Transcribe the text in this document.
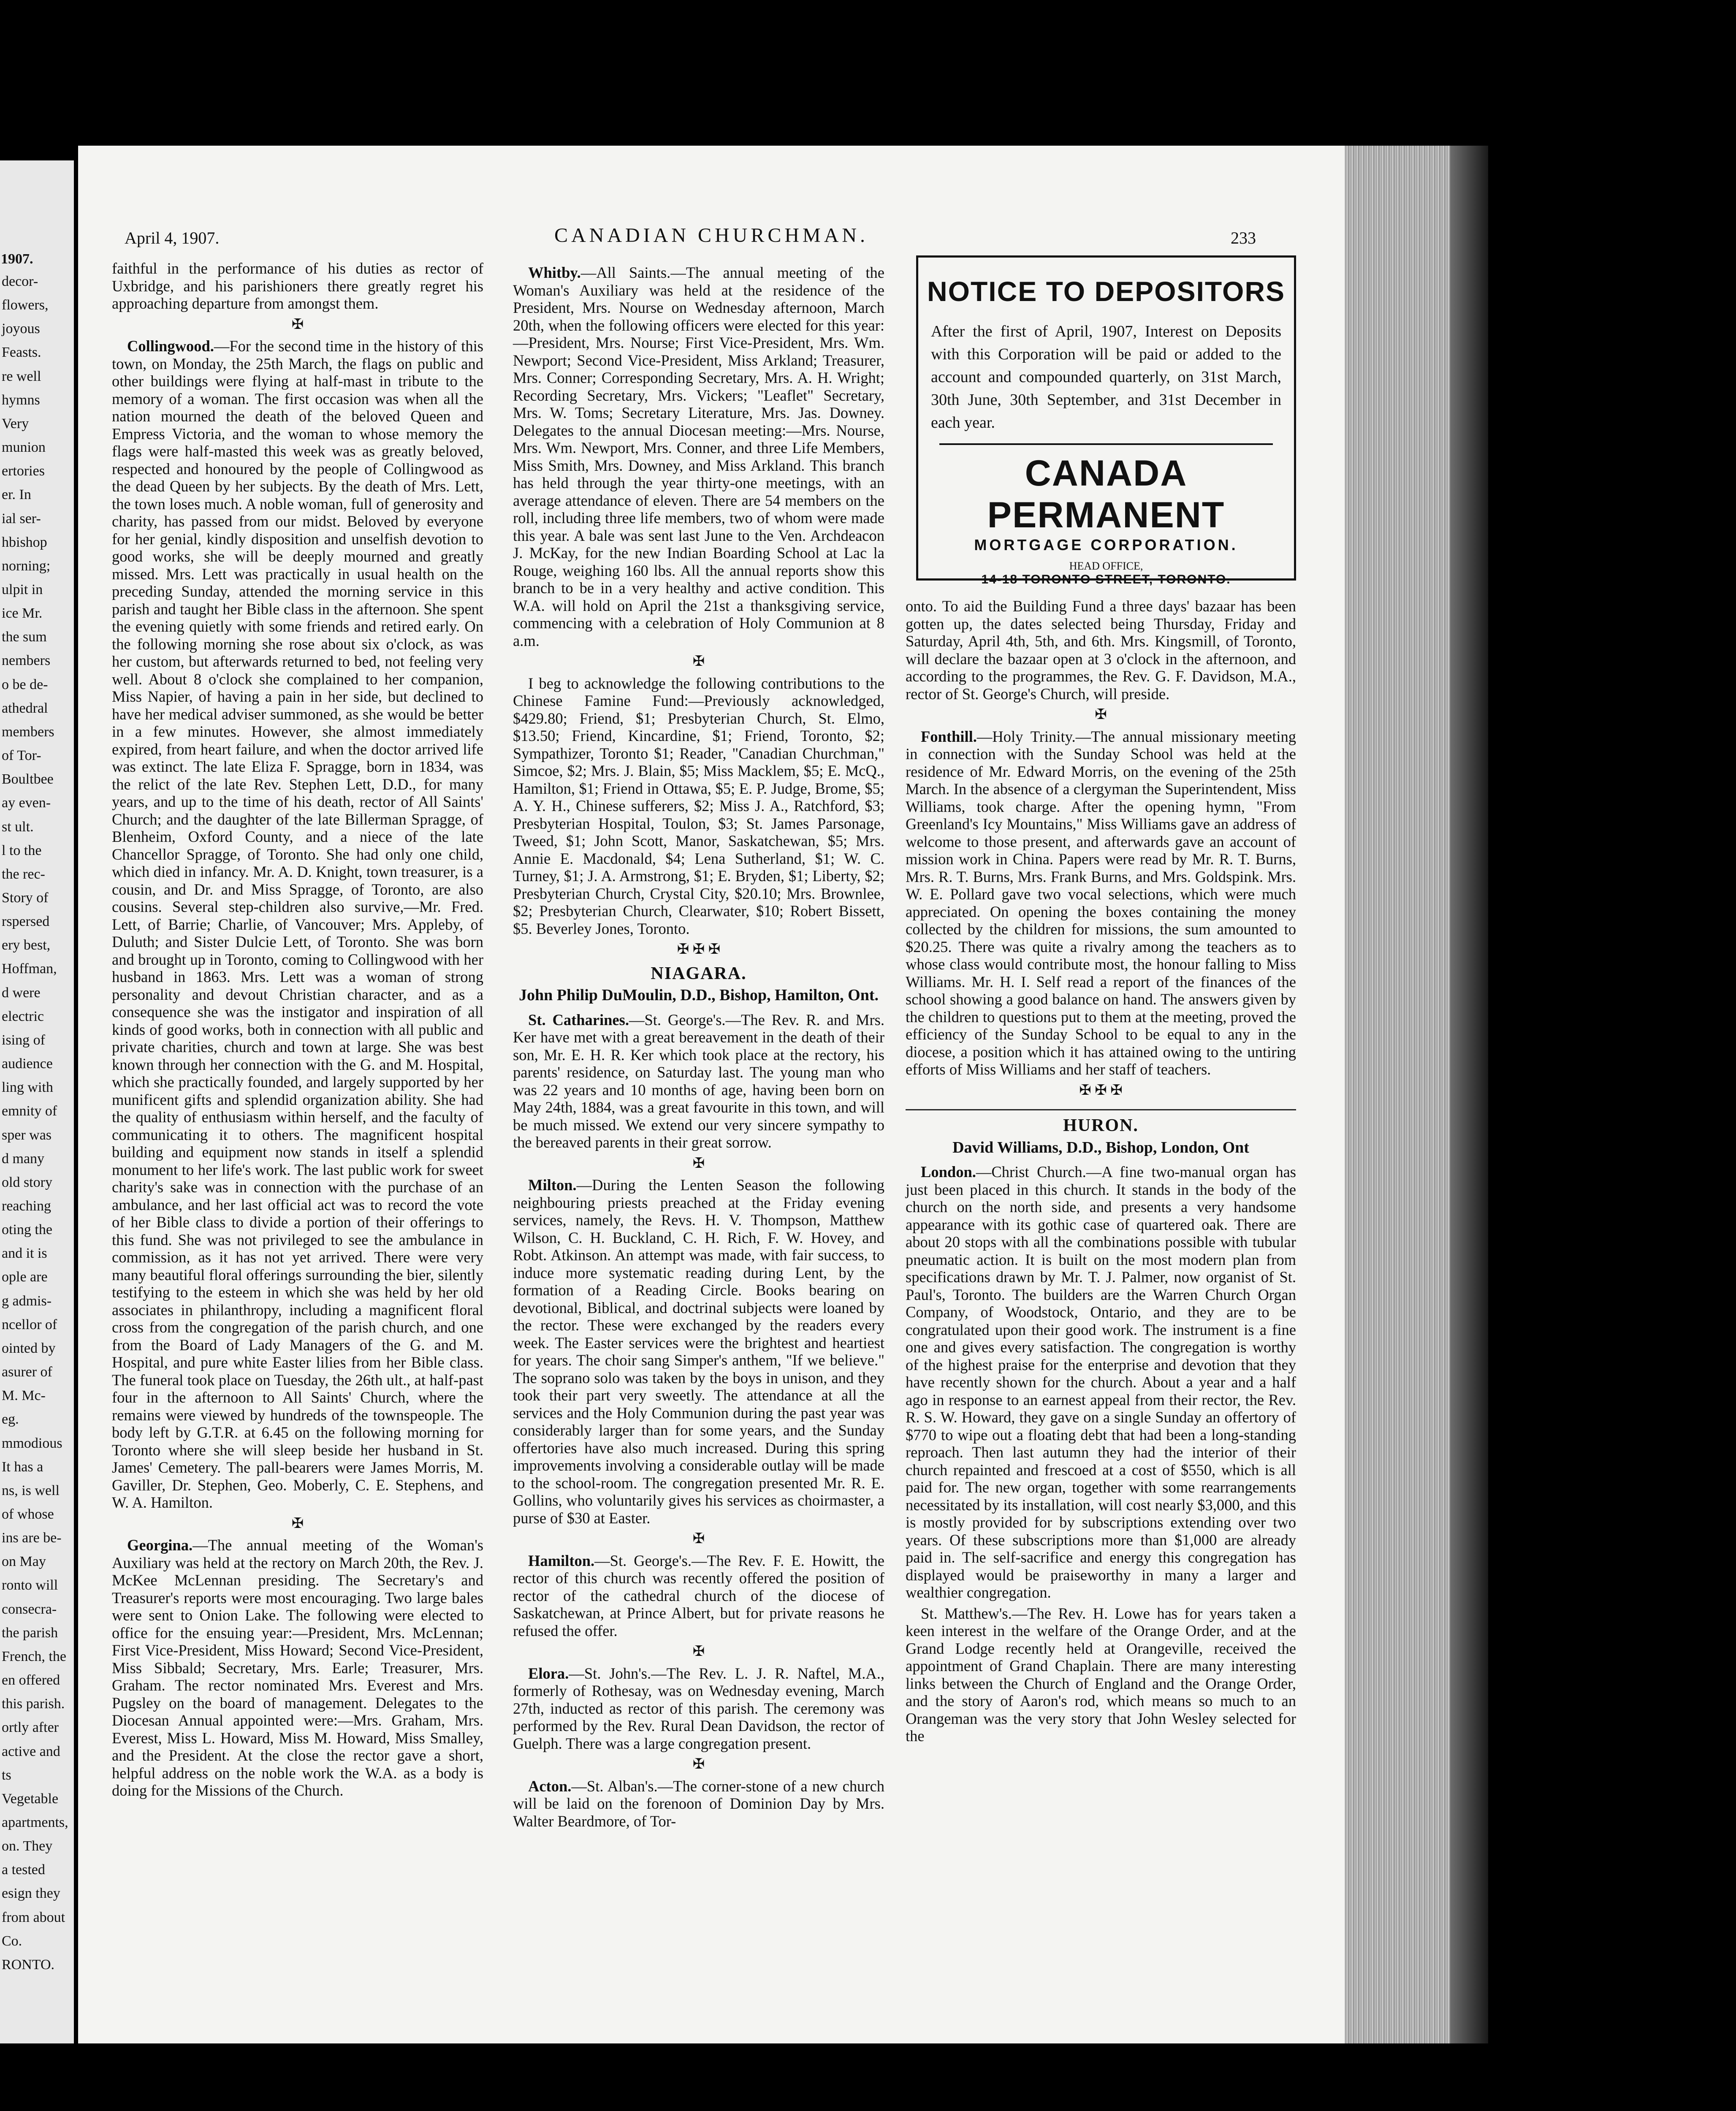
1907.
decor-
flowers,
joyous
Feasts.
re well
hymns
Very
munion
ertories
er. In
ial ser-
hbishop
norning;
ulpit in
ice Mr.
the sum
nembers
o be de-
athedral
members
of Tor-
Boultbee
ay even-
st ult.
l to the
the rec-
Story of
rspersed
ery best,
Hoffman,
d were
electric
ising of
audience
ling with
emnity of
sper was
d many
old story
reaching
oting the
and it is
ople are
g admis-
ncellor of
ointed by
asurer of
M. Mc-
eg.
mmodious
It has a
ns, is well
of whose
ins are be-
on May
ronto will
consecra-
the parish
French, the
en offered
this parish.
ortly after
active and
ts
Vegetable
apartments,
on. They
a tested
esign they
from about
Co.
RONTO.
April 4, 1907.	CANADIAN CHURCHMAN.	233

faithful in the performance of his duties as rector of Uxbridge, and his parishioners there greatly regret his approaching departure from amongst them.

✠

Collingwood.—For the second time in the history of this town, on Monday, the 25th March, the flags on public and other buildings were flying at half-mast in tribute to the memory of a woman. The first occasion was when all the nation mourned the death of the beloved Queen and Empress Victoria, and the woman to whose memory the flags were half-masted this week was as greatly beloved, respected and honoured by the people of Collingwood as the dead Queen by her subjects. By the death of Mrs. Lett, the town loses much. A noble woman, full of generosity and charity, has passed from our midst. Beloved by everyone for her genial, kindly disposition and unselfish devotion to good works, she will be deeply mourned and greatly missed. Mrs. Lett was practically in usual health on the preceding Sunday, attended the morning service in this parish and taught her Bible class in the afternoon. She spent the evening quietly with some friends and retired early. On the following morning she rose about six o'clock, as was her custom, but afterwards returned to bed, not feeling very well. About 8 o'clock she complained to her companion, Miss Napier, of having a pain in her side, but declined to have her medical adviser summoned, as she would be better in a few minutes. However, she almost immediately expired, from heart failure, and when the doctor arrived life was extinct. The late Eliza F. Spragge, born in 1834, was the relict of the late Rev. Stephen Lett, D.D., for many years, and up to the time of his death, rector of All Saints' Church; and the daughter of the late Billerman Spragge, of Blenheim, Oxford County, and a niece of the late Chancellor Spragge, of Toronto. She had only one child, which died in infancy. Mr. A. D. Knight, town treasurer, is a cousin, and Dr. and Miss Spragge, of Toronto, are also cousins. Several step-children also survive,—Mr. Fred. Lett, of Barrie; Charlie, of Vancouver; Mrs. Appleby, of Duluth; and Sister Dulcie Lett, of Toronto. She was born and brought up in Toronto, coming to Collingwood with her husband in 1863. Mrs. Lett was a woman of strong personality and devout Christian character, and as a consequence she was the instigator and inspiration of all kinds of good works, both in connection with all public and private charities, church and town at large. She was best known through her connection with the G. and M. Hospital, which she practically founded, and largely supported by her munificent gifts and splendid organization ability. She had the quality of enthusiasm within herself, and the faculty of communicating it to others. The magnificent hospital building and equipment now stands in itself a splendid monument to her life's work. The last public work for sweet charity's sake was in connection with the purchase of an ambulance, and her last official act was to record the vote of her Bible class to divide a portion of their offerings to this fund. She was not privileged to see the ambulance in commission, as it has not yet arrived. There were very many beautiful floral offerings surrounding the bier, silently testifying to the esteem in which she was held by her old associates in philanthropy, including a magnificent floral cross from the congregation of the parish church, and one from the Board of Lady Managers of the G. and M. Hospital, and pure white Easter lilies from her Bible class. The funeral took place on Tuesday, the 26th ult., at half-past four in the afternoon to All Saints' Church, where the remains were viewed by hundreds of the townspeople. The body left by G.T.R. at 6.45 on the following morning for Toronto where she will sleep beside her husband in St. James' Cemetery. The pall-bearers were James Morris, M. Gaviller, Dr. Stephen, Geo. Moberly, C. E. Stephens, and W. A. Hamilton.

✠

Georgina.—The annual meeting of the Woman's Auxiliary was held at the rectory on March 20th, the Rev. J. McKee McLennan presiding. The Secretary's and Treasurer's reports were most encouraging. Two large bales were sent to Onion Lake. The following were elected to office for the ensuing year:—President, Mrs. McLennan; First Vice-President, Miss Howard; Second Vice-President, Miss Sibbald; Secretary, Mrs. Earle; Treasurer, Mrs. Graham. The rector nominated Mrs. Everest and Mrs. Pugsley on the board of management. Delegates to the Diocesan Annual appointed were:—Mrs. Graham, Mrs. Everest, Miss L. Howard, Miss M. Howard, Miss Smalley, and the President. At the close the rector gave a short, helpful address on the noble work the W.A. as a body is doing for the Missions of the Church.

Whitby.—All Saints.—The annual meeting of the Woman's Auxiliary was held at the residence of the President, Mrs. Nourse on Wednesday afternoon, March 20th, when the following officers were elected for this year:—President, Mrs. Nourse; First Vice-President, Mrs. Wm. Newport; Second Vice-President, Miss Arkland; Treasurer, Mrs. Conner; Corresponding Secretary, Mrs. A. H. Wright; Recording Secretary, Mrs. Vickers; "Leaflet" Secretary, Mrs. W. Toms; Secretary Literature, Mrs. Jas. Downey. Delegates to the annual Diocesan meeting:—Mrs. Nourse, Mrs. Wm. Newport, Mrs. Conner, and three Life Members, Miss Smith, Mrs. Downey, and Miss Arkland. This branch has held through the year thirty-one meetings, with an average attendance of eleven. There are 54 members on the roll, including three life members, two of whom were made this year. A bale was sent last June to the Ven. Archdeacon J. McKay, for the new Indian Boarding School at Lac la Rouge, weighing 160 lbs. All the annual reports show this branch to be in a very healthy and active condition. This W.A. will hold on April the 21st a thanksgiving service, commencing with a celebration of Holy Communion at 8 a.m.

✠

I beg to acknowledge the following contributions to the Chinese Famine Fund:—Previously acknowledged, $429.80; Friend, $1; Presbyterian Church, St. Elmo, $13.50; Friend, Kincardine, $1; Friend, Toronto, $2; Sympathizer, Toronto $1; Reader, "Canadian Churchman," Simcoe, $2; Mrs. J. Blain, $5; Miss Macklem, $5; E. McQ., Hamilton, $1; Friend in Ottawa, $5; E. P. Judge, Brome, $5; A. Y. H., Chinese sufferers, $2; Miss J. A., Ratchford, $3; Presbyterian Hospital, Toulon, $3; St. James Parsonage, Tweed, $1; John Scott, Manor, Saskatchewan, $5; Mrs. Annie E. Macdonald, $4; Lena Sutherland, $1; W. C. Turney, $1; J. A. Armstrong, $1; E. Bryden, $1; Liberty, $2; Presbyterian Church, Crystal City, $20.10; Mrs. Brownlee, $2; Presbyterian Church, Clearwater, $10; Robert Bissett, $5. Beverley Jones, Toronto.

✠ ✠ ✠
NIAGARA.
John Philip DuMoulin, D.D., Bishop, Hamilton, Ont.

St. Catharines.—St. George's.—The Rev. R. and Mrs. Ker have met with a great bereavement in the death of their son, Mr. E. H. R. Ker which took place at the rectory, his parents' residence, on Saturday last. The young man who was 22 years and 10 months of age, having been born on May 24th, 1884, was a great favourite in this town, and will be much missed. We extend our very sincere sympathy to the bereaved parents in their great sorrow.

✠

Milton.—During the Lenten Season the following neighbouring priests preached at the Friday evening services, namely, the Revs. H. V. Thompson, Matthew Wilson, C. H. Buckland, C. H. Rich, F. W. Hovey, and Robt. Atkinson. An attempt was made, with fair success, to induce more systematic reading during Lent, by the formation of a Reading Circle. Books bearing on devotional, Biblical, and doctrinal subjects were loaned by the rector. These were exchanged by the readers every week. The Easter services were the brightest and heartiest for years. The choir sang Simper's anthem, "If we believe." The soprano solo was taken by the boys in unison, and they took their part very sweetly. The attendance at all the services and the Holy Communion during the past year was considerably larger than for some years, and the Sunday offertories have also much increased. During this spring improvements involving a considerable outlay will be made to the school-room. The congregation presented Mr. R. E. Gollins, who voluntarily gives his services as choirmaster, a purse of $30 at Easter.

✠

Hamilton.—St. George's.—The Rev. F. E. Howitt, the rector of this church was recently offered the position of rector of the cathedral church of the diocese of Saskatchewan, at Prince Albert, but for private reasons he refused the offer.

✠

Elora.—St. John's.—The Rev. L. J. R. Naftel, M.A., formerly of Rothesay, was on Wednesday evening, March 27th, inducted as rector of this parish. The ceremony was performed by the Rev. Rural Dean Davidson, the rector of Guelph. There was a large congregation present.

✠

Acton.—St. Alban's.—The corner-stone of a new church will be laid on the forenoon of Dominion Day by Mrs. Walter Beardmore, of Tor-

NOTICE TO DEPOSITORS
After the first of April, 1907, Interest on Deposits with this Corporation will be paid or added to the account and compounded quarterly, on 31st March, 30th June, 30th September, and 31st December in each year.
CANADA PERMANENT
MORTGAGE CORPORATION.
HEAD OFFICE,
14-18 TORONTO STREET, TORONTO.

onto. To aid the Building Fund a three days' bazaar has been gotten up, the dates selected being Thursday, Friday and Saturday, April 4th, 5th, and 6th. Mrs. Kingsmill, of Toronto, will declare the bazaar open at 3 o'clock in the afternoon, and according to the programmes, the Rev. G. F. Davidson, M.A., rector of St. George's Church, will preside.

✠

Fonthill.—Holy Trinity.—The annual missionary meeting in connection with the Sunday School was held at the residence of Mr. Edward Morris, on the evening of the 25th March. In the absence of a clergyman the Superintendent, Miss Williams, took charge. After the opening hymn, "From Greenland's Icy Mountains," Miss Williams gave an address of welcome to those present, and afterwards gave an account of mission work in China. Papers were read by Mr. R. T. Burns, Mrs. R. T. Burns, Mrs. Frank Burns, and Mrs. Goldspink. Mrs. W. E. Pollard gave two vocal selections, which were much appreciated. On opening the boxes containing the money collected by the children for missions, the sum amounted to $20.25. There was quite a rivalry among the teachers as to whose class would contribute most, the honour falling to Miss Williams. Mr. H. I. Self read a report of the finances of the school showing a good balance on hand. The answers given by the children to questions put to them at the meeting, proved the efficiency of the Sunday School to be equal to any in the diocese, a position which it has attained owing to the untiring efforts of Miss Williams and her staff of teachers.

✠ ✠ ✠
HURON.
David Williams, D.D., Bishop, London, Ont

London.—Christ Church.—A fine two-manual organ has just been placed in this church. It stands in the body of the church on the north side, and presents a very handsome appearance with its gothic case of quartered oak. There are about 20 stops with all the combinations possible with tubular pneumatic action. It is built on the most modern plan from specifications drawn by Mr. T. J. Palmer, now organist of St. Paul's, Toronto. The builders are the Warren Church Organ Company, of Woodstock, Ontario, and they are to be congratulated upon their good work. The instrument is a fine one and gives every satisfaction. The congregation is worthy of the highest praise for the enterprise and devotion that they have recently shown for the church. About a year and a half ago in response to an earnest appeal from their rector, the Rev. R. S. W. Howard, they gave on a single Sunday an offertory of $770 to wipe out a floating debt that had been a long-standing reproach. Then last autumn they had the interior of their church repainted and frescoed at a cost of $550, which is all paid for. The new organ, together with some rearrangements necessitated by its installation, will cost nearly $3,000, and this is mostly provided for by subscriptions extending over two years. Of these subscriptions more than $1,000 are already paid in. The self-sacrifice and energy this congregation has displayed would be praiseworthy in many a larger and wealthier congregation.

St. Matthew's.—The Rev. H. Lowe has for years taken a keen interest in the welfare of the Orange Order, and at the Grand Lodge recently held at Orangeville, received the appointment of Grand Chaplain. There are many interesting links between the Church of England and the Orange Order, and the story of Aaron's rod, which means so much to an Orangeman was the very story that John Wesley selected for the
